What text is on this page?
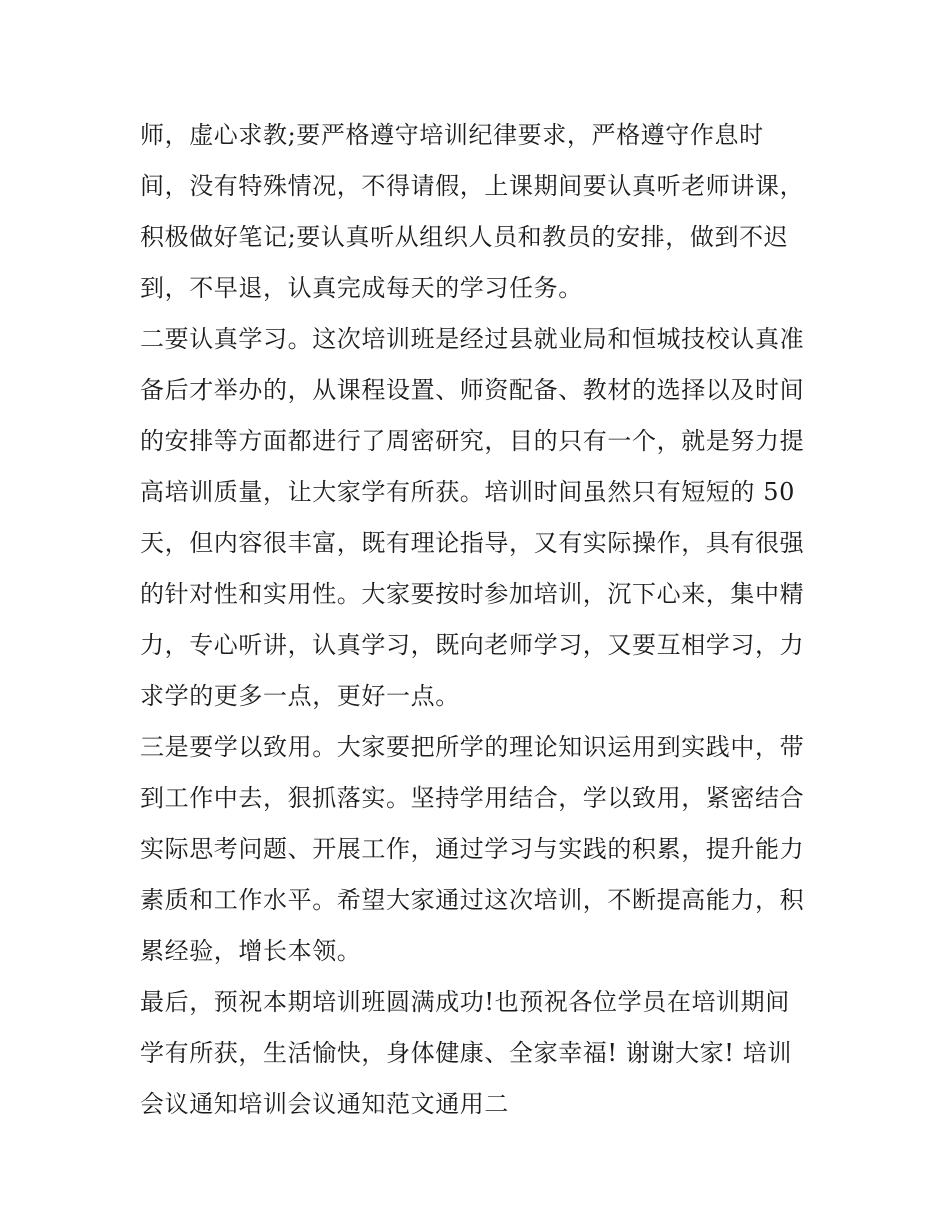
师，虚心求教;要严格遵守培训纪律要求，严格遵守作息时
间，没有特殊情况，不得请假，上课期间要认真听老师讲课，
积极做好笔记;要认真听从组织人员和教员的安排，做到不迟
到，不早退，认真完成每天的学习任务。
二要认真学习。这次培训班是经过县就业局和恒城技校认真准
备后才举办的，从课程设置、师资配备、教材的选择以及时间
的安排等方面都进行了周密研究，目的只有一个，就是努力提
高培训质量，让大家学有所获。培训时间虽然只有短短的 50
天，但内容很丰富，既有理论指导，又有实际操作，具有很强
的针对性和实用性。大家要按时参加培训，沉下心来，集中精
力，专心听讲，认真学习，既向老师学习，又要互相学习，力
求学的更多一点，更好一点。
三是要学以致用。大家要把所学的理论知识运用到实践中，带
到工作中去，狠抓落实。坚持学用结合，学以致用，紧密结合
实际思考问题、开展工作，通过学习与实践的积累，提升能力
素质和工作水平。希望大家通过这次培训，不断提高能力，积
累经验，增长本领。
最后，预祝本期培训班圆满成功!也预祝各位学员在培训期间
学有所获，生活愉快，身体健康、全家幸福! 谢谢大家! 培训
会议通知培训会议通知范文通用二
